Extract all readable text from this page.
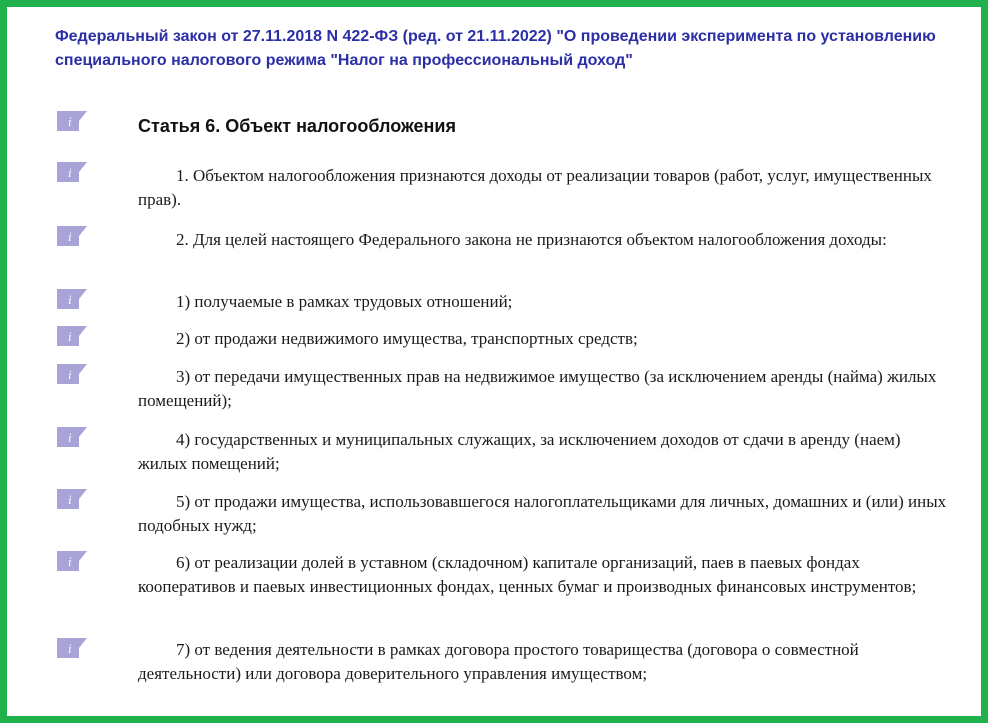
Федеральный закон от 27.11.2018 N 422-ФЗ (ред. от 21.11.2022) "О проведении эксперимента по установлению специального налогового режима "Налог на профессиональный доход"

i
i
i
i
i
i
i
i
i
i
Статья 6. Объект налогообложения

1. Объектом налогообложения признаются доходы от реализации товаров (работ, услуг, имущественных прав).

2. Для целей настоящего Федерального закона не признаются объектом налогообложения доходы:

1) получаемые в рамках трудовых отношений;

2) от продажи недвижимого имущества, транспортных средств;

3) от передачи имущественных прав на недвижимое имущество (за исключением аренды (найма) жилых помещений);

4) государственных и муниципальных служащих, за исключением доходов от сдачи в аренду (наем) жилых помещений;

5) от продажи имущества, использовавшегося налогоплательщиками для личных, домашних и (или) иных подобных нужд;

6) от реализации долей в уставном (складочном) капитале организаций, паев в паевых фондах кооперативов и паевых инвестиционных фондах, ценных бумаг и производных финансовых инструментов;

7) от ведения деятельности в рамках договора простого товарищества (договора о совместной деятельности) или договора доверительного управления имуществом;
